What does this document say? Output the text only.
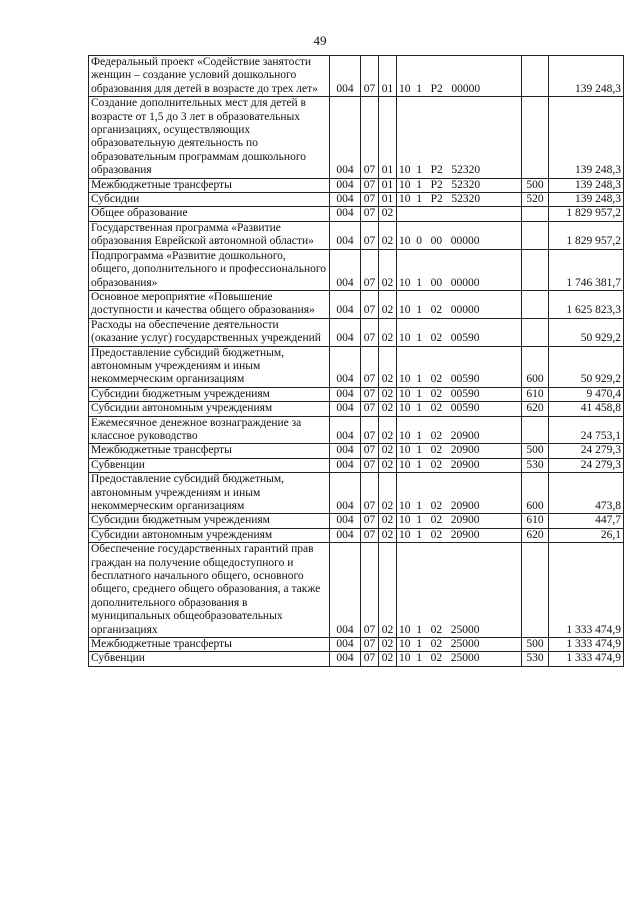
49
Федеральный проект «Содействие занятости женщин – создание условий дошкольного образования для детей в возрасте до трех лет»	004	07	01	10  1   P2   00000		139 248,3
Создание дополнительных мест для детей в возрасте от 1,5 до 3 лет в образовательных организациях, осуществляющих образовательную деятельность по образовательным программам дошкольного образования	004	07	01	10  1   P2   52320		139 248,3
Межбюджетные трансферты	004	07	01	10  1   P2   52320	500	139 248,3
Субсидии	004	07	01	10  1   P2   52320	520	139 248,3
Общее образование	004	07	02			1 829 957,2
Государственная программа «Развитие образования Еврейской автономной области»	004	07	02	10  0   00   00000		1 829 957,2
Подпрограмма «Развитие дошкольного, общего, дополнительного и профессионального образования»	004	07	02	10  1   00   00000		1 746 381,7
Основное мероприятие «Повышение доступности и качества общего образования»	004	07	02	10  1   02   00000		1 625 823,3
Расходы на обеспечение деятельности (оказание услуг) государственных учреждений	004	07	02	10  1   02   00590		50 929,2
Предоставление субсидий бюджетным, автономным учреждениям и иным некоммерческим организациям	004	07	02	10  1   02   00590	600	50 929,2
Субсидии бюджетным учреждениям	004	07	02	10  1   02   00590	610	9 470,4
Субсидии автономным учреждениям	004	07	02	10  1   02   00590	620	41 458,8
Ежемесячное денежное вознаграждение за классное руководство	004	07	02	10  1   02   20900		24 753,1
Межбюджетные трансферты	004	07	02	10  1   02   20900	500	24 279,3
Субвенции	004	07	02	10  1   02   20900	530	24 279,3
Предоставление субсидий бюджетным, автономным учреждениям и иным некоммерческим организациям	004	07	02	10  1   02   20900	600	473,8
Субсидии бюджетным учреждениям	004	07	02	10  1   02   20900	610	447,7
Субсидии автономным учреждениям	004	07	02	10  1   02   20900	620	26,1
Обеспечение государственных гарантий прав граждан на получение общедоступного и бесплатного начального общего, основного общего, среднего общего образования, а также дополнительного образования в муниципальных общеобразовательных организациях	004	07	02	10  1   02   25000		1 333 474,9
Межбюджетные трансферты	004	07	02	10  1   02   25000	500	1 333 474,9
Субвенции	004	07	02	10  1   02   25000	530	1 333 474,9
